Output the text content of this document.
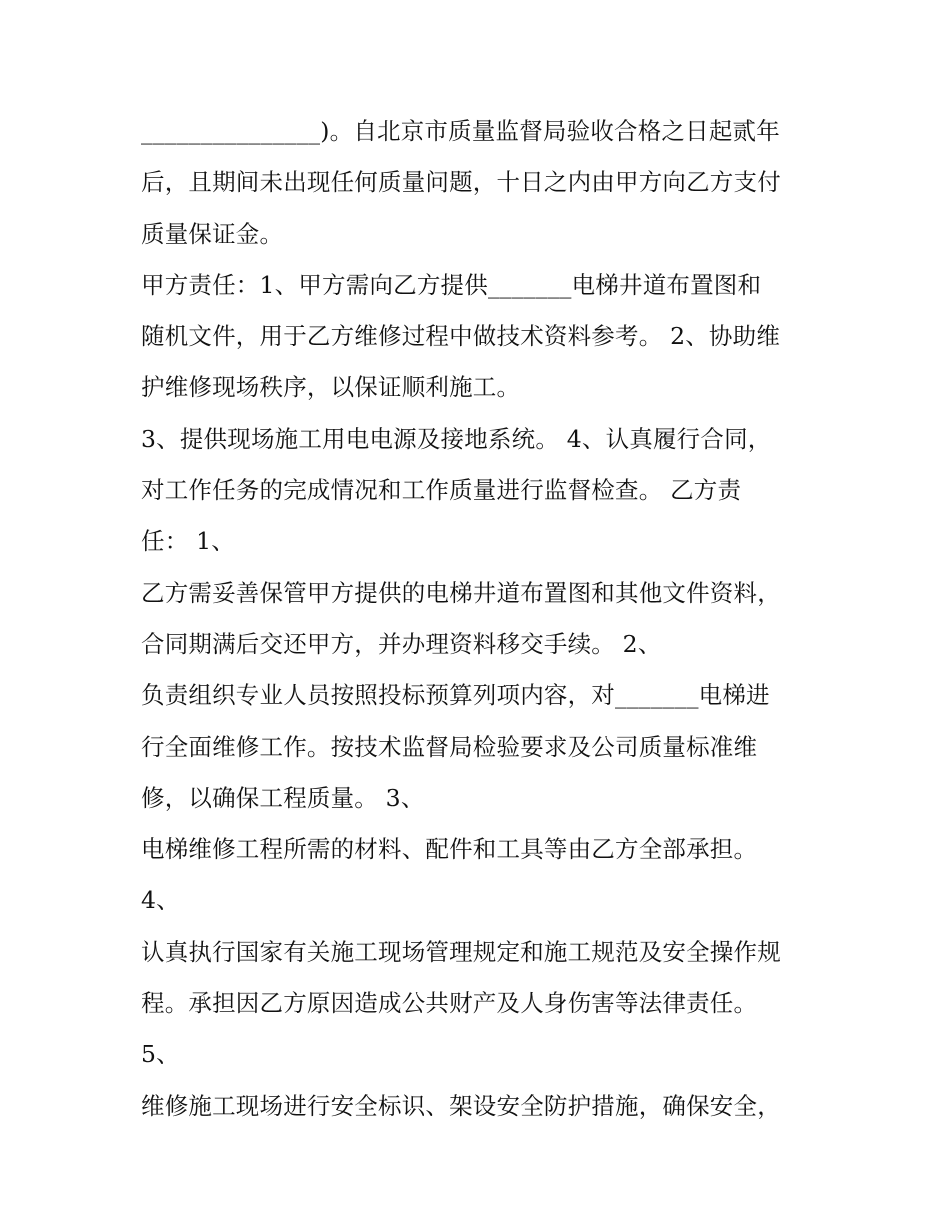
_______________)。自北京市质量监督局验收合格之日起贰年
后，且期间未出现任何质量问题，十日之内由甲方向乙方支付
质量保证金。
甲方责任：1、甲方需向乙方提供_______电梯井道布置图和
随机文件，用于乙方维修过程中做技术资料参考。 2、协助维
护维修现场秩序，以保证顺利施工。
3、提供现场施工用电电源及接地系统。 4、认真履行合同，
对工作任务的完成情况和工作质量进行监督检查。 乙方责
任： 1、
乙方需妥善保管甲方提供的电梯井道布置图和其他文件资料，
合同期满后交还甲方，并办理资料移交手续。 2、
负责组织专业人员按照投标预算列项内容，对_______电梯进
行全面维修工作。按技术监督局检验要求及公司质量标准维
修，以确保工程质量。 3、
电梯维修工程所需的材料、配件和工具等由乙方全部承担。
4、
认真执行国家有关施工现场管理规定和施工规范及安全操作规
程。承担因乙方原因造成公共财产及人身伤害等法律责任。
5、
维修施工现场进行安全标识、架设安全防护措施，确保安全，
